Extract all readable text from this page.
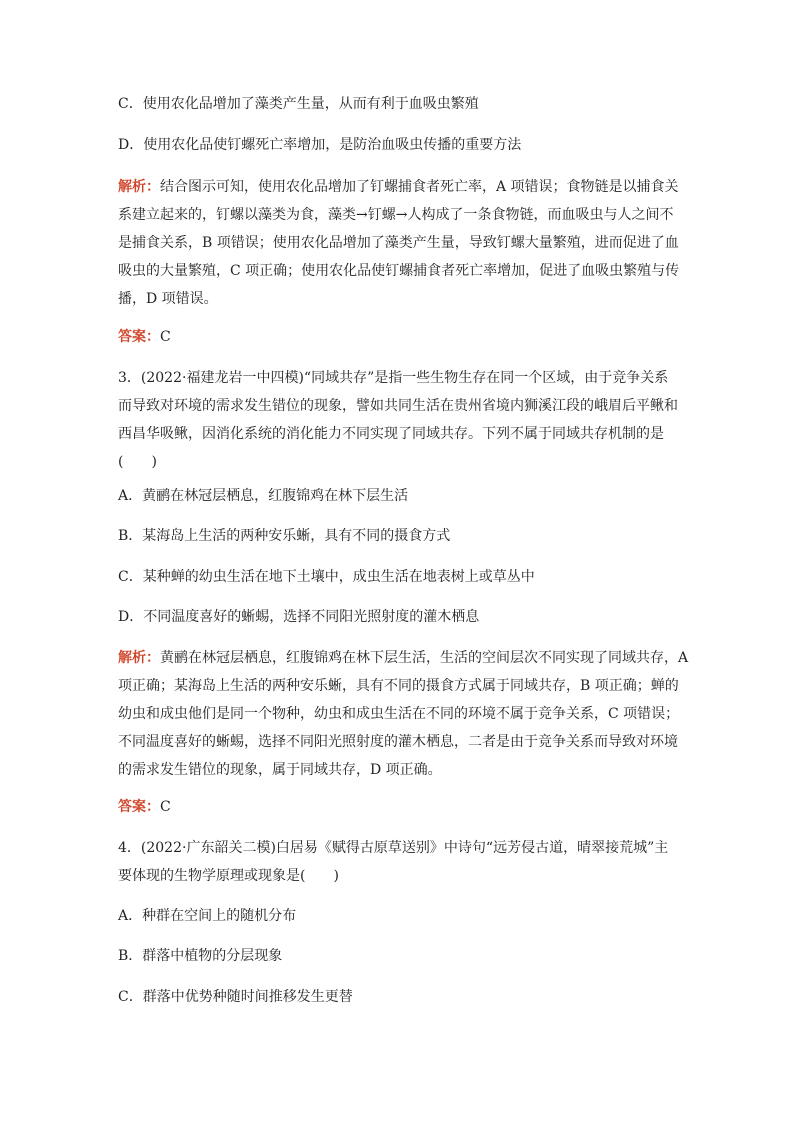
C．使用农化品增加了藻类产生量，从而有利于血吸虫繁殖
D．使用农化品使钉螺死亡率增加，是防治血吸虫传播的重要方法
解析：结合图示可知，使用农化品增加了钉螺捕食者死亡率，A 项错误；食物链是以捕食关
系建立起来的，钉螺以藻类为食，藻类→钉螺→人构成了一条食物链，而血吸虫与人之间不
是捕食关系，B 项错误；使用农化品增加了藻类产生量，导致钉螺大量繁殖，进而促进了血
吸虫的大量繁殖，C 项正确；使用农化品使钉螺捕食者死亡率增加，促进了血吸虫繁殖与传
播，D 项错误。
答案：C
3．(2022·福建龙岩一中四模)“同域共存”是指一些生物生存在同一个区域，由于竞争关系
而导致对环境的需求发生错位的现象，譬如共同生活在贵州省境内狮溪江段的峨眉后平鳅和
西昌华吸鳅，因消化系统的消化能力不同实现了同域共存。下列不属于同域共存机制的是
(　　)
A．黄鹂在林冠层栖息，红腹锦鸡在林下层生活
B．某海岛上生活的两种安乐蜥，具有不同的摄食方式
C．某种蝉的幼虫生活在地下土壤中，成虫生活在地表树上或草丛中
D．不同温度喜好的蜥蜴，选择不同阳光照射度的灌木栖息
解析：黄鹂在林冠层栖息，红腹锦鸡在林下层生活，生活的空间层次不同实现了同域共存，A
项正确；某海岛上生活的两种安乐蜥，具有不同的摄食方式属于同域共存，B 项正确；蝉的
幼虫和成虫他们是同一个物种，幼虫和成虫生活在不同的环境不属于竞争关系，C 项错误；
不同温度喜好的蜥蜴，选择不同阳光照射度的灌木栖息，二者是由于竞争关系而导致对环境
的需求发生错位的现象，属于同域共存，D 项正确。
答案：C
4．(2022·广东韶关二模)白居易《赋得古原草送别》中诗句“远芳侵古道，晴翠接荒城”主
要体现的生物学原理或现象是(　　)
A．种群在空间上的随机分布
B．群落中植物的分层现象
C．群落中优势种随时间推移发生更替
